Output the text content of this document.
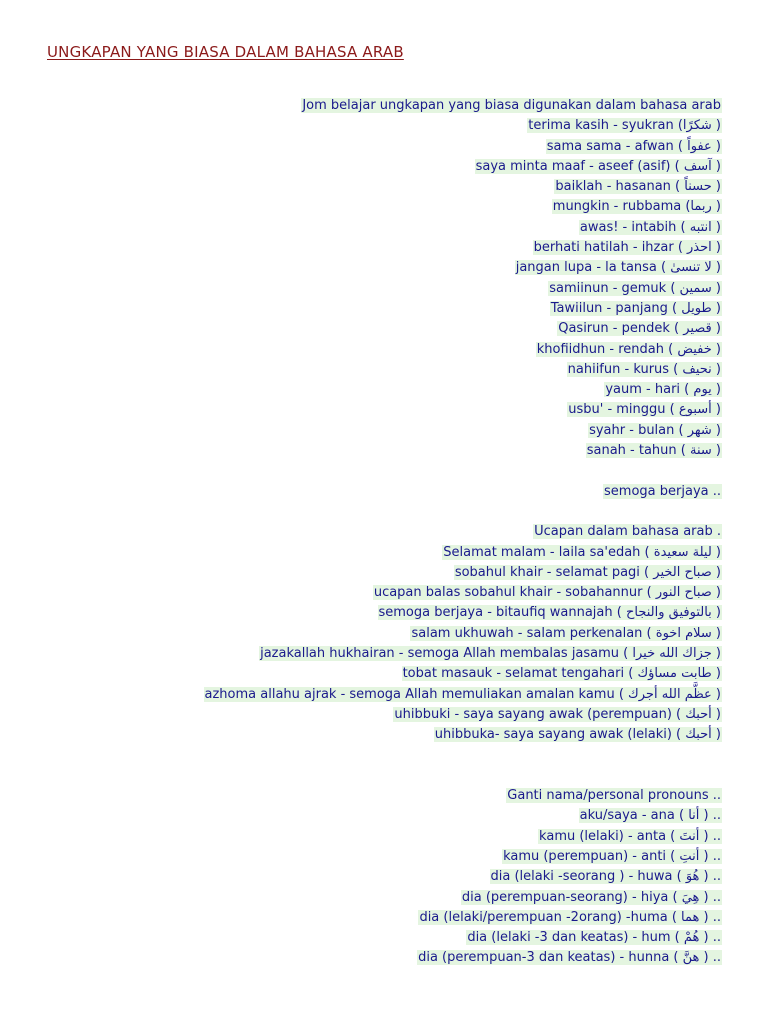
UNGKAPAN YANG BIASA DALAM BAHASA ARAB
Jom belajar ungkapan yang biasa digunakan dalam bahasa arab
terima kasih - syukran (شكرًا )
sama sama - afwan ( عفواً )
saya minta maaf - aseef (asif) ( آسف )
baiklah - hasanan ( حسناً )
mungkin - rubbama (ربما )
awas! - intabih ( انتبه )
berhati hatilah - ihzar ( احذر )
jangan lupa - la tansa ( لا تنسىٰ )
samiinun - gemuk ( سمين )
Tawiilun - panjang ( طويل )
Qasirun - pendek ( قصير )
khofiidhun - rendah ( خفيض )
nahiifun - kurus ( نحيف )
yaum - hari ( يوم )
usbu' - minggu ( أسبوع )
syahr - bulan ( شهر )
sanah - tahun ( سنة )
semoga berjaya ..
Ucapan dalam bahasa arab .
Selamat malam - laila sa'edah ( ليلة سعيدة )
sobahul khair - selamat pagi ( صباح الخير )
ucapan balas sobahul khair - sobahannur ( صباح النور )
semoga berjaya - bitaufiq wannajah ( بالتوفيق والنجاح )
salam ukhuwah - salam perkenalan ( سلام اخوة )
jazakallah hukhairan - semoga Allah membalas jasamu ( جزاك الله خيرا )
tobat masauk - selamat tengahari ( طابت مساؤك )
azhoma allahu ajrak - semoga Allah memuliakan amalan kamu ( عظَّم الله أجرك )
uhibbuki - saya sayang awak (perempuan) ( أحبك )
uhibbuka- saya sayang awak (lelaki) ( أحبك )
Ganti nama/personal pronouns ..
aku/saya - ana ( أنا ) ..
kamu (lelaki) - anta ( أنتَ ) ..
kamu (perempuan) - anti ( أنتِ ) ..
dia (lelaki -seorang ) - huwa ( هُوَ ) ..
dia (perempuan-seorang) - hiya ( هِيَ ) ..
dia (lelaki/perempuan -2orang) -huma ( هما ) ..
dia (lelaki -3 dan keatas) - hum ( هُمْ ) ..
dia (perempuan-3 dan keatas) - hunna ( هنَّ ) ..
